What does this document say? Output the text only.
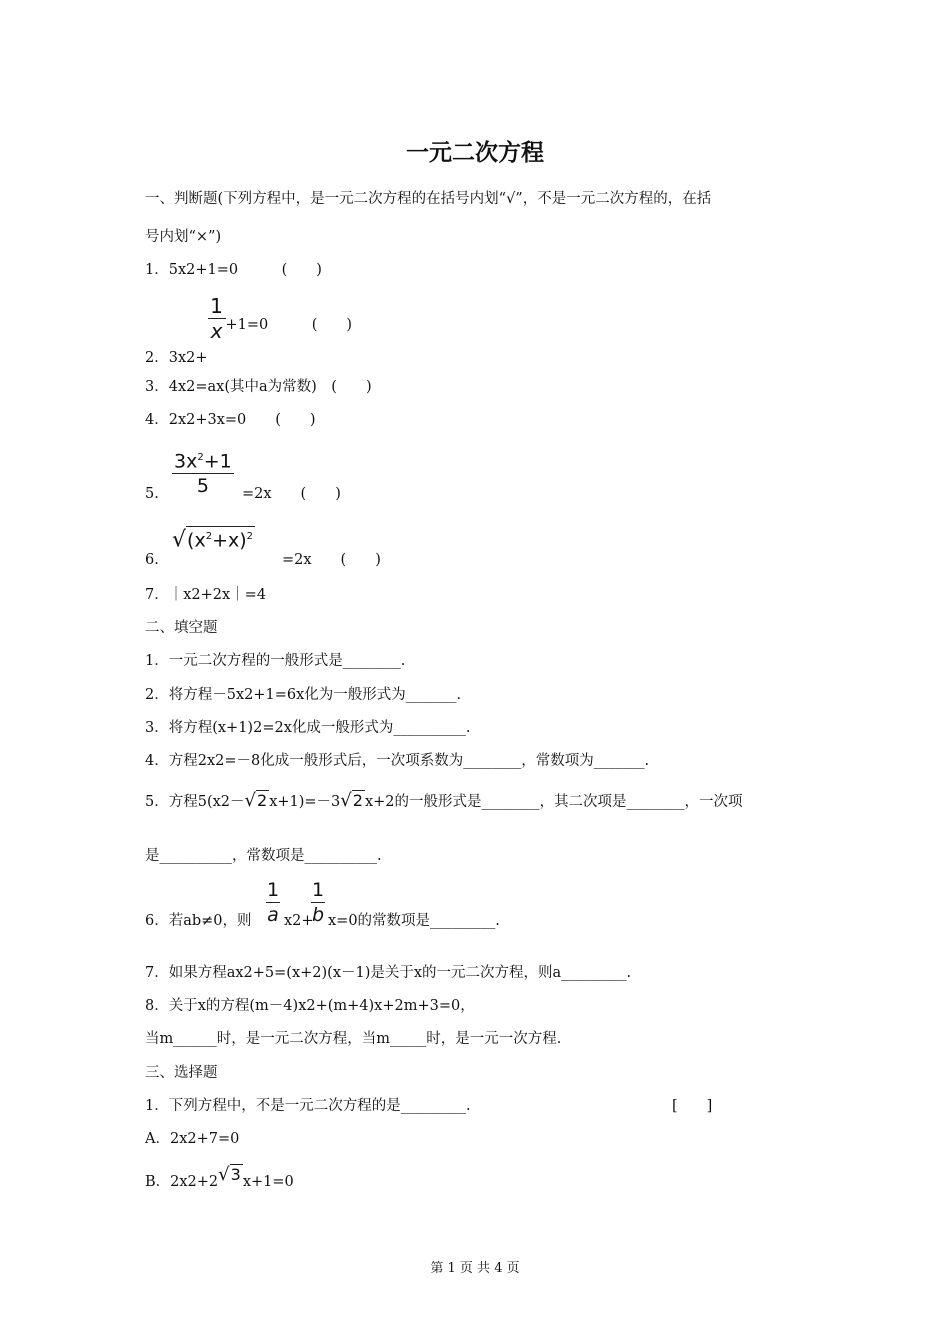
一元二次方程
一、判断题(下列方程中，是一元二次方程的在括号内划“√”，不是一元二次方程的，在括
号内划“×”)
1．5x2+1=0　　　(　　)
2．3x2+
$\frac{1}{x} +1=0$　　　(　　)
3．4x2=ax(其中a为常数)　(　　)
4．2x2+3x=0　　(　　)
5. $\frac{3x^2+1}{5} =2x$　　(　　)
6.
$√(x^2+x)^2$
=2x　　(　　)
7．｜x2+2x｜=4
二、填空题
1．一元二次方程的一般形式是________.
2．将方程－5x2+1=6x化为一般形式为_______.
3．将方程(x+1)2=2x化成一般形式为__________.
4．方程2x2=－8化成一般形式后，一次项系数为________，常数项为_______.
5．方程5(x2－√2 x+1)=－3√2 x+2的一般形式是________，其二次项是________，一次项
是__________，常数项是__________.
6．若ab≠0，则 $\frac{1}{a} x2+$
$\frac{1}{b} x=0$的常数项是_________.
7．如果方程ax2+5=(x+2)(x－1)是关于x的一元二次方程，则a_________.
8．关于x的方程(m－4)x2+(m+4)x+2m+3=0，
当m______时，是一元二次方程，当m_____时，是一元一次方程.
三、选择题
1．下列方程中，不是一元二次方程的是_________.	[　　]
A．2x2+7=0
B．2x2+2√3 x+1=0
第 1 页 共 4 页
